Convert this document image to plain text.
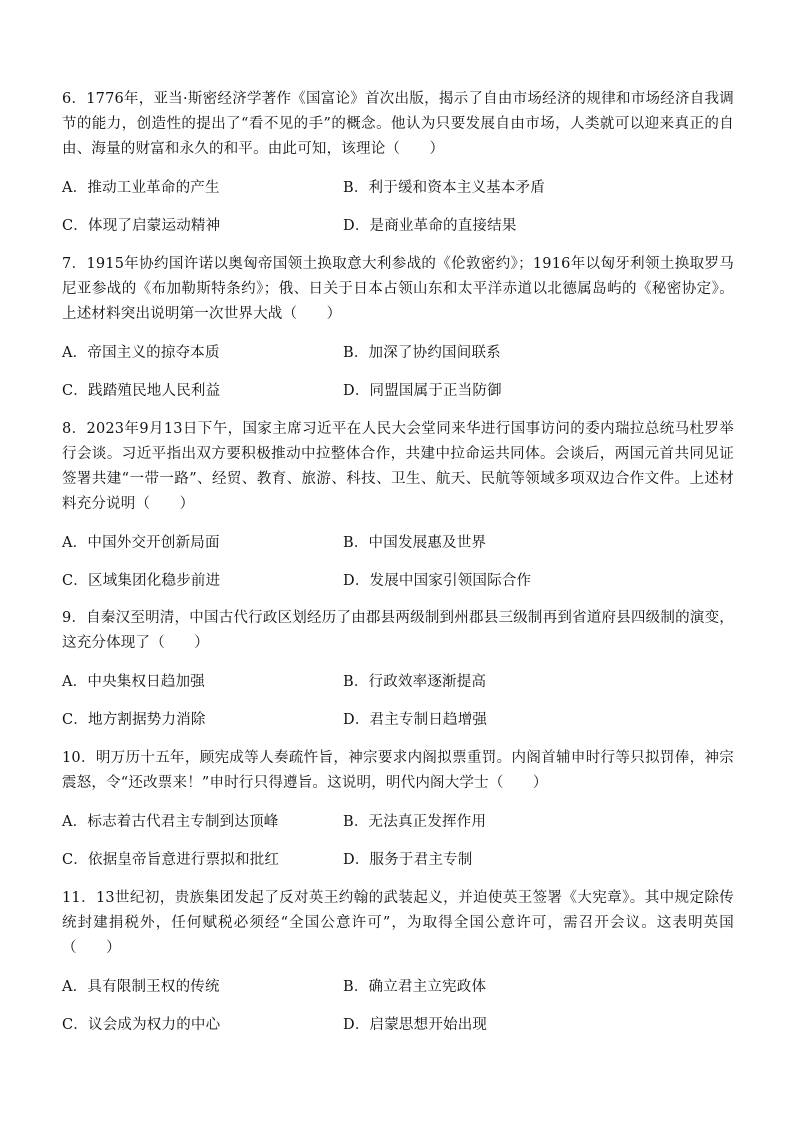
6．1776年，亚当·斯密经济学著作《国富论》首次出版，揭示了自由市场经济的规律和市场经济自我调节的能力，创造性的提出了“看不见的手”的概念。他认为只要发展自由市场，人类就可以迎来真正的自由、海量的财富和永久的和平。由此可知，该理论（　　）

A．推动工业革命的产生	B．利于缓和资本主义基本矛盾
C．体现了启蒙运动精神	D．是商业革命的直接结果

7．1915年协约国许诺以奥匈帝国领土换取意大利参战的《伦敦密约》；1916年以匈牙利领土换取罗马尼亚参战的《布加勒斯特条约》；俄、日关于日本占领山东和太平洋赤道以北德属岛屿的《秘密协定》。上述材料突出说明第一次世界大战（　　）

A．帝国主义的掠夺本质	B．加深了协约国间联系
C．践踏殖民地人民利益	D．同盟国属于正当防御

8．2023年9月13日下午，国家主席习近平在人民大会堂同来华进行国事访问的委内瑞拉总统马杜罗举行会谈。习近平指出双方要积极推动中拉整体合作，共建中拉命运共同体。会谈后，两国元首共同见证签署共建“一带一路”、经贸、教育、旅游、科技、卫生、航天、民航等领域多项双边合作文件。上述材料充分说明（　　）

A．中国外交开创新局面	B．中国发展惠及世界
C．区域集团化稳步前进	D．发展中国家引领国际合作

9．自秦汉至明清，中国古代行政区划经历了由郡县两级制到州郡县三级制再到省道府县四级制的演变，这充分体现了（　　）

A．中央集权日趋加强	B．行政效率逐渐提高
C．地方割据势力消除	D．君主专制日趋增强

10．明万历十五年，顾宪成等人奏疏忤旨，神宗要求内阁拟票重罚。内阁首辅申时行等只拟罚俸，神宗震怒，令“还改票来！”申时行只得遵旨。这说明，明代内阁大学士（　　）

A．标志着古代君主专制到达顶峰	B．无法真正发挥作用
C．依据皇帝旨意进行票拟和批红	D．服务于君主专制

11．13世纪初，贵族集团发起了反对英王约翰的武装起义，并迫使英王签署《大宪章》。其中规定除传统封建捐税外，任何赋税必须经“全国公意许可”，为取得全国公意许可，需召开会议。这表明英国（　　）

A．具有限制王权的传统	B．确立君主立宪政体
C．议会成为权力的中心	D．启蒙思想开始出现
